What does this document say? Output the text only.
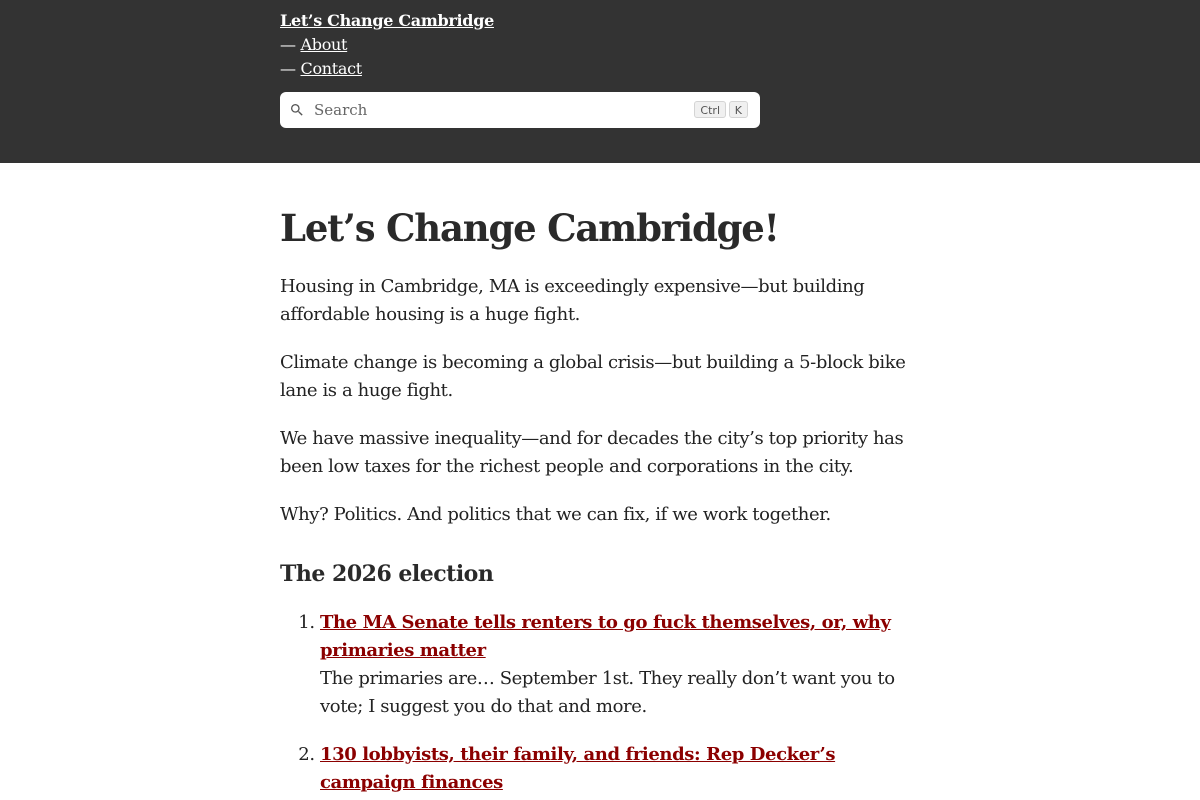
Let’s Change Cambridge
— About
— Contact
Search
Ctrl	K
Let’s Change Cambridge!

Housing in Cambridge, MA is exceedingly expensive—but building affordable housing is a huge fight.

Climate change is becoming a global crisis—but building a 5-block bike lane is a huge fight.

We have massive inequality—and for decades the city’s top priority has been low taxes for the richest people and corporations in the city.

Why? Politics. And politics that we can fix, if we work together.

The 2026 election
1. The MA Senate tells renters to go fuck themselves, or, why primaries matter
The primaries are… September 1st. They really don’t want you to vote; I suggest you do that and more.
2. 130 lobbyists, their family, and friends: Rep Decker’s campaign finances
